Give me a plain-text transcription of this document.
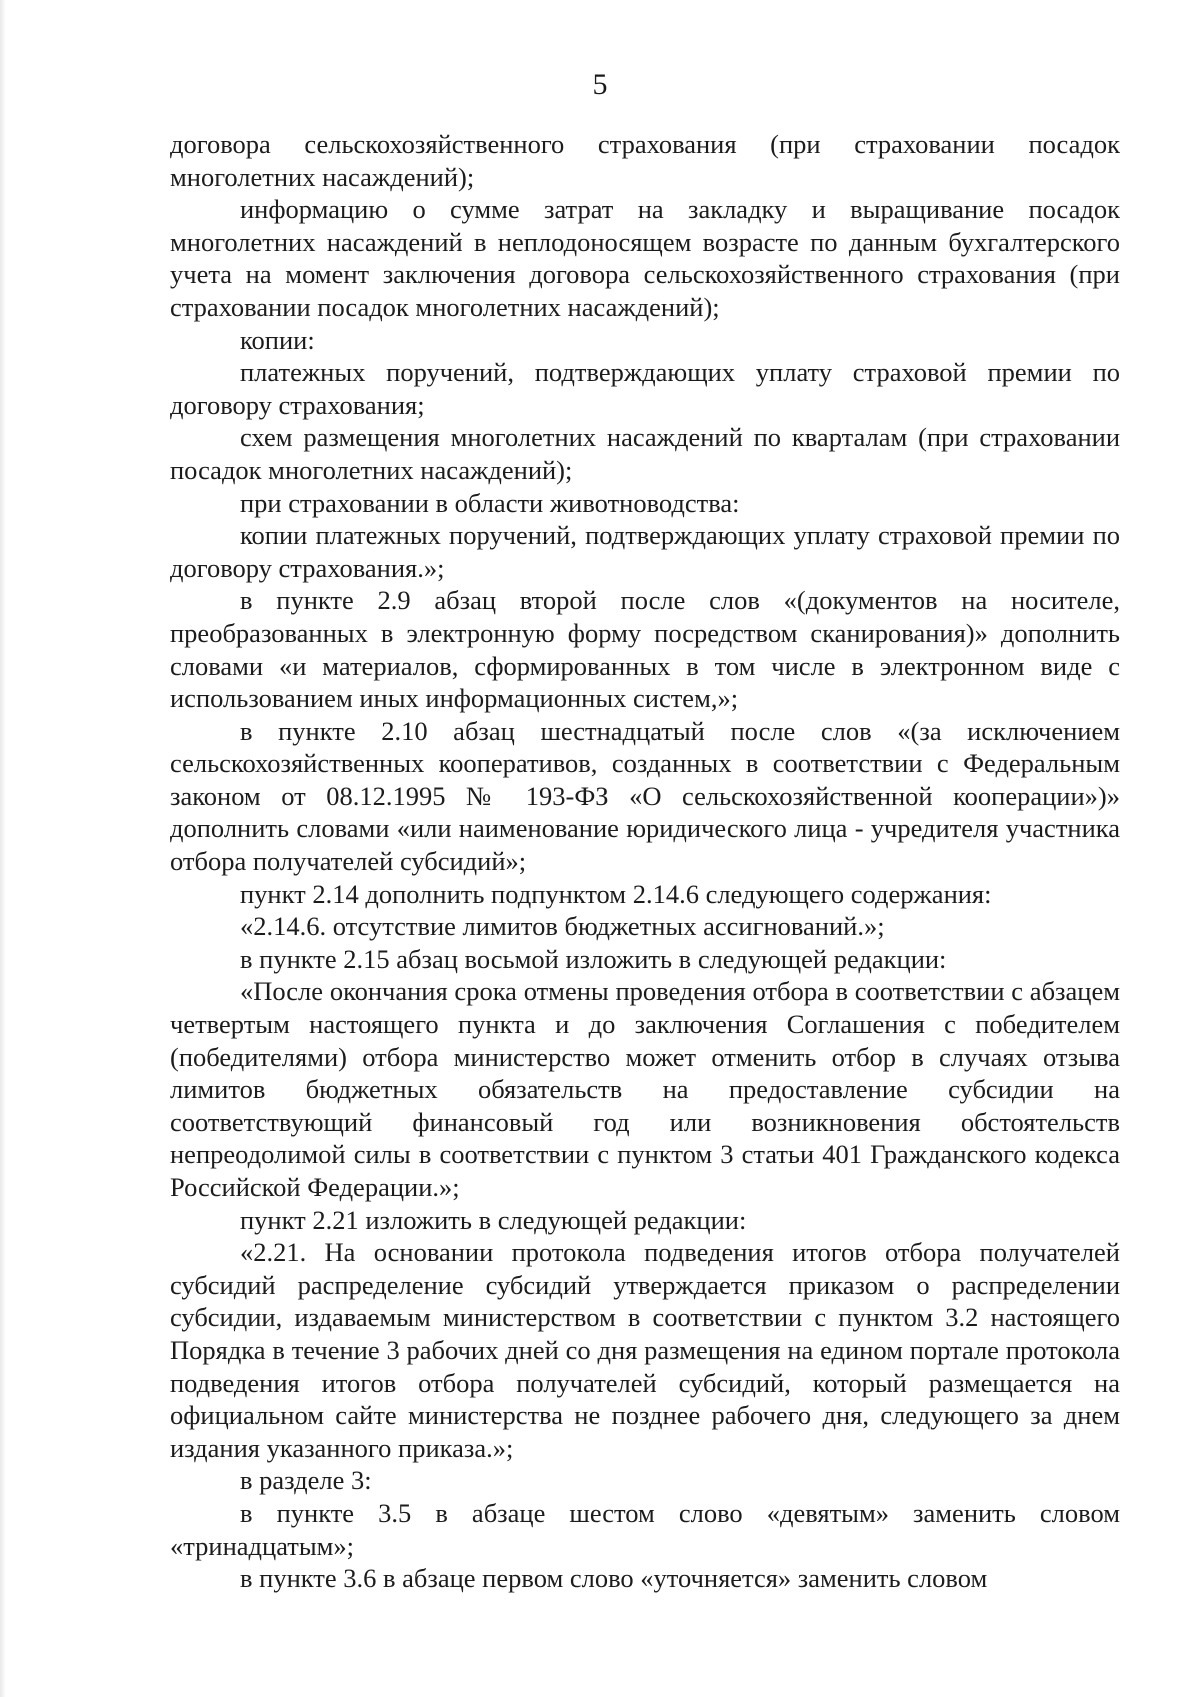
5

договора сельскохозяйственного страхования (при страховании посадок многолетних насаждений);

информацию о сумме затрат на закладку и выращивание посадок многолетних насаждений в неплодоносящем возрасте по данным бухгалтерского учета на момент заключения договора сельскохозяйственного страхования (при страховании посадок многолетних насаждений);

копии:

платежных поручений, подтверждающих уплату страховой премии по договору страхования;

схем размещения многолетних насаждений по кварталам (при страховании посадок многолетних насаждений);

при страховании в области животноводства:

копии платежных поручений, подтверждающих уплату страховой премии по договору страхования.»;

в пункте 2.9 абзац второй после слов «(документов на носителе, преобразованных в электронную форму посредством сканирования)» дополнить словами «и материалов, сформированных в том числе в электронном виде с использованием иных информационных систем,»;

в пункте 2.10 абзац шестнадцатый после слов «(за исключением сельскохозяйственных кооперативов, созданных в соответствии с Федеральным законом от 08.12.1995 № 193-ФЗ «О сельскохозяйственной кооперации»)» дополнить словами «или наименование юридического лица - учредителя участника отбора получателей субсидий»;

пункт 2.14 дополнить подпунктом 2.14.6 следующего содержания:

«2.14.6. отсутствие лимитов бюджетных ассигнований.»;

в пункте 2.15 абзац восьмой изложить в следующей редакции:

«После окончания срока отмены проведения отбора в соответствии с абзацем четвертым настоящего пункта и до заключения Соглашения с победителем (победителями) отбора министерство может отменить отбор в случаях отзыва лимитов бюджетных обязательств на предоставление субсидии на соответствующий финансовый год или возникновения обстоятельств непреодолимой силы в соответствии с пунктом 3 статьи 401 Гражданского кодекса Российской Федерации.»;

пункт 2.21 изложить в следующей редакции:

«2.21. На основании протокола подведения итогов отбора получателей субсидий распределение субсидий утверждается приказом о распределении субсидии, издаваемым министерством в соответствии с пунктом 3.2 настоящего Порядка в течение 3 рабочих дней со дня размещения на едином портале протокола подведения итогов отбора получателей субсидий, который размещается на официальном сайте министерства не позднее рабочего дня, следующего за днем издания указанного приказа.»;

в разделе 3:

в пункте 3.5 в абзаце шестом слово «девятым» заменить словом «тринадцатым»;

в пункте 3.6 в абзаце первом слово «уточняется» заменить словом
